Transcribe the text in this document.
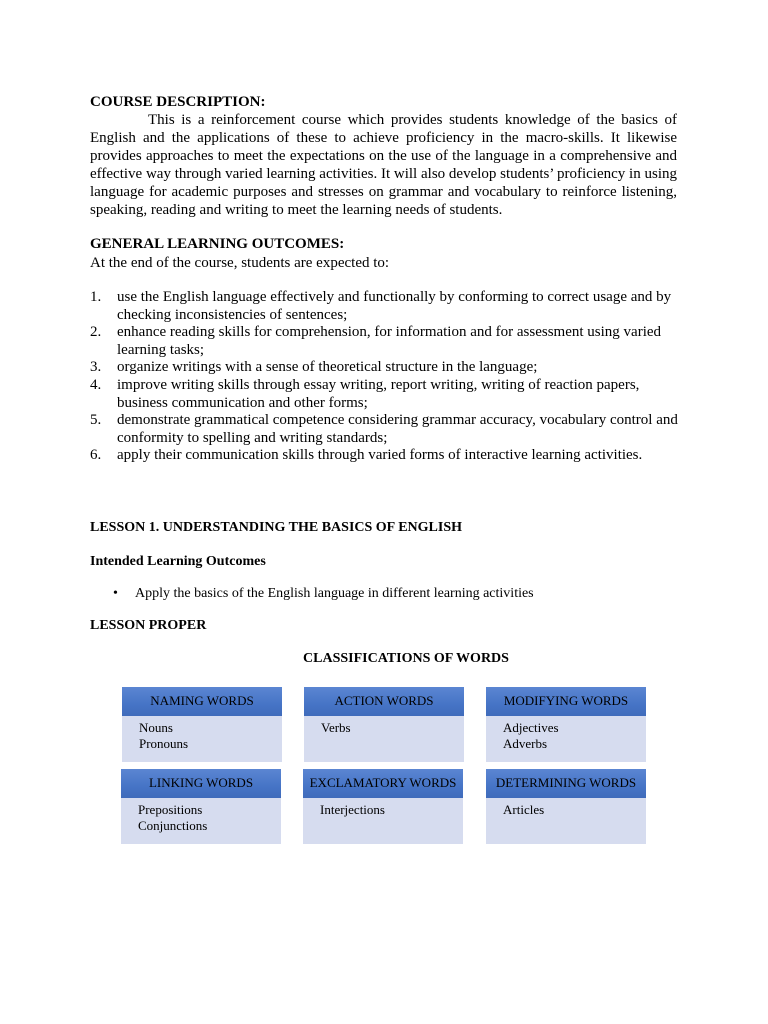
COURSE DESCRIPTION:

This is a reinforcement course which provides students knowledge of the basics of English and the applications of these to achieve proficiency in the macro-skills. It likewise provides approaches to meet the expectations on the use of the language in a comprehensive and effective way through varied learning activities. It will also develop students’ proficiency in using language for academic purposes and stresses on grammar and vocabulary to reinforce listening, speaking, reading and writing to meet the learning needs of students.

GENERAL LEARNING OUTCOMES:
At the end of the course, students are expected to:
1. use the English language effectively and functionally by conforming to correct usage and by checking inconsistencies of sentences;
2. enhance reading skills for comprehension, for information and for assessment using varied learning tasks;
3. organize writings with a sense of theoretical structure in the language;
4. improve writing skills through essay writing, report writing, writing of reaction papers, business communication and other forms;
5. demonstrate grammatical competence considering grammar accuracy, vocabulary control and conformity to spelling and writing standards;
6. apply their communication skills through varied forms of interactive learning activities.
LESSON 1. UNDERSTANDING THE BASICS OF ENGLISH
Intended Learning Outcomes
• Apply the basics of the English language in different learning activities
LESSON PROPER
CLASSIFICATIONS OF WORDS
NAMING WORDS
Nouns
Pronouns
ACTION WORDS
Verbs
MODIFYING WORDS
Adjectives
Adverbs
LINKING WORDS
Prepositions
Conjunctions
EXCLAMATORY WORDS
Interjections
DETERMINING WORDS
Articles
